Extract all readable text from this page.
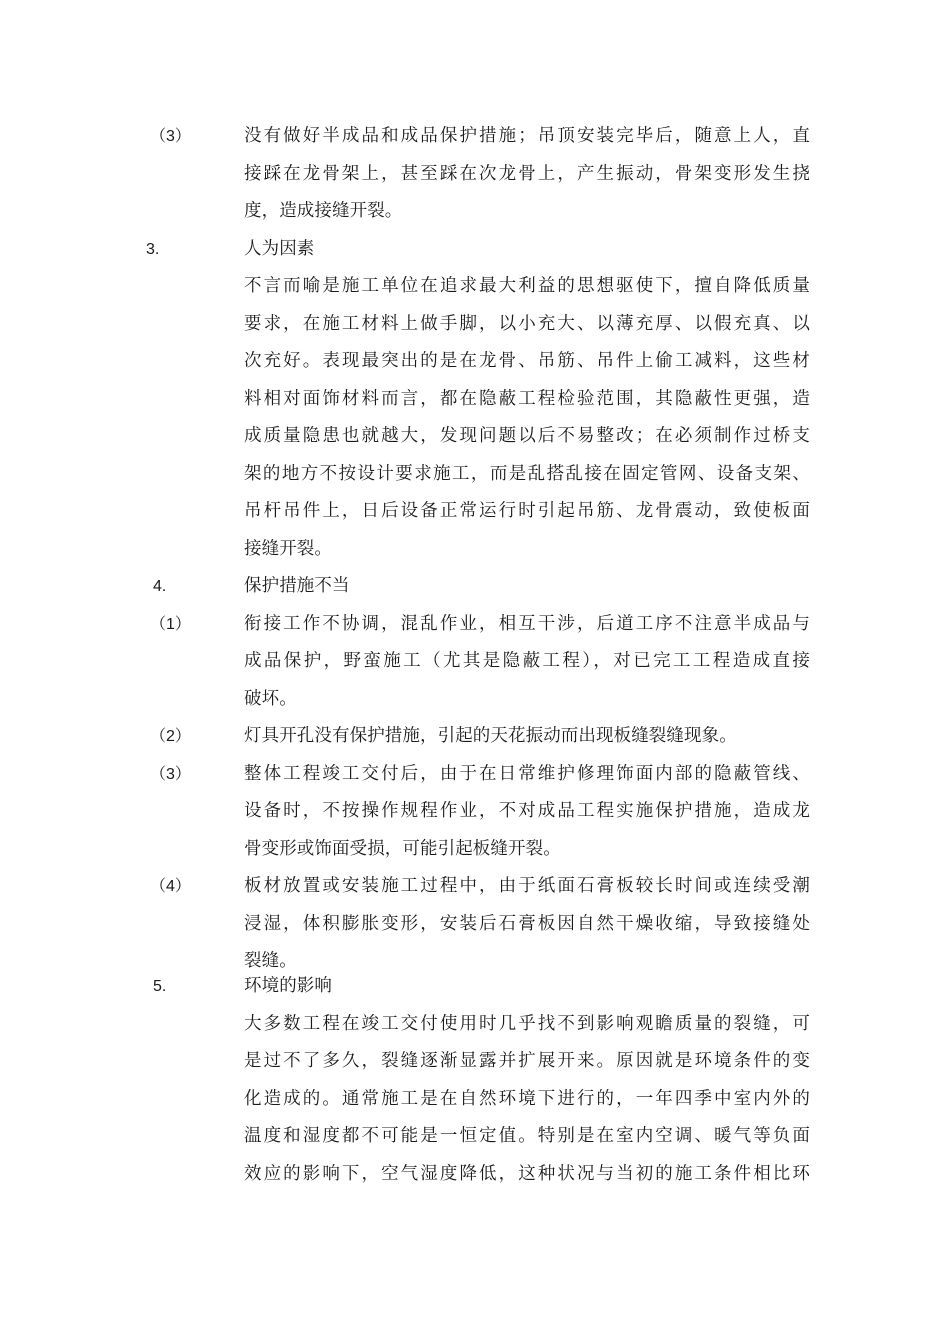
（3）	没有做好半成品和成品保护措施；吊顶安装完毕后，随意上人，直
接踩在龙骨架上，甚至踩在次龙骨上，产生振动，骨架变形发生挠
度，造成接缝开裂。
3.	人为因素
不言而喻是施工单位在追求最大利益的思想驱使下，擅自降低质量
要求，在施工材料上做手脚，以小充大、以薄充厚、以假充真、以
次充好。表现最突出的是在龙骨、吊筋、吊件上偷工减料，这些材
料相对面饰材料而言，都在隐蔽工程检验范围，其隐蔽性更强，造
成质量隐患也就越大，发现问题以后不易整改；在必须制作过桥支
架的地方不按设计要求施工，而是乱搭乱接在固定管网、设备支架、
吊杆吊件上，日后设备正常运行时引起吊筋、龙骨震动，致使板面
接缝开裂。
4.	保护措施不当
（1）	衔接工作不协调，混乱作业，相互干涉，后道工序不注意半成品与
成品保护，野蛮施工（尤其是隐蔽工程），对已完工工程造成直接
破坏。
（2）	灯具开孔没有保护措施，引起的天花振动而出现板缝裂缝现象。
（3）	整体工程竣工交付后，由于在日常维护修理饰面内部的隐蔽管线、
设备时，不按操作规程作业，不对成品工程实施保护措施，造成龙
骨变形或饰面受损，可能引起板缝开裂。
（4）	板材放置或安装施工过程中，由于纸面石膏板较长时间或连续受潮
浸湿，体积膨胀变形，安装后石膏板因自然干燥收缩，导致接缝处
裂缝。
5.	环境的影响
大多数工程在竣工交付使用时几乎找不到影响观瞻质量的裂缝，可
是过不了多久，裂缝逐渐显露并扩展开来。原因就是环境条件的变
化造成的。通常施工是在自然环境下进行的，一年四季中室内外的
温度和湿度都不可能是一恒定值。特别是在室内空调、暖气等负面
效应的影响下，空气湿度降低，这种状况与当初的施工条件相比环
